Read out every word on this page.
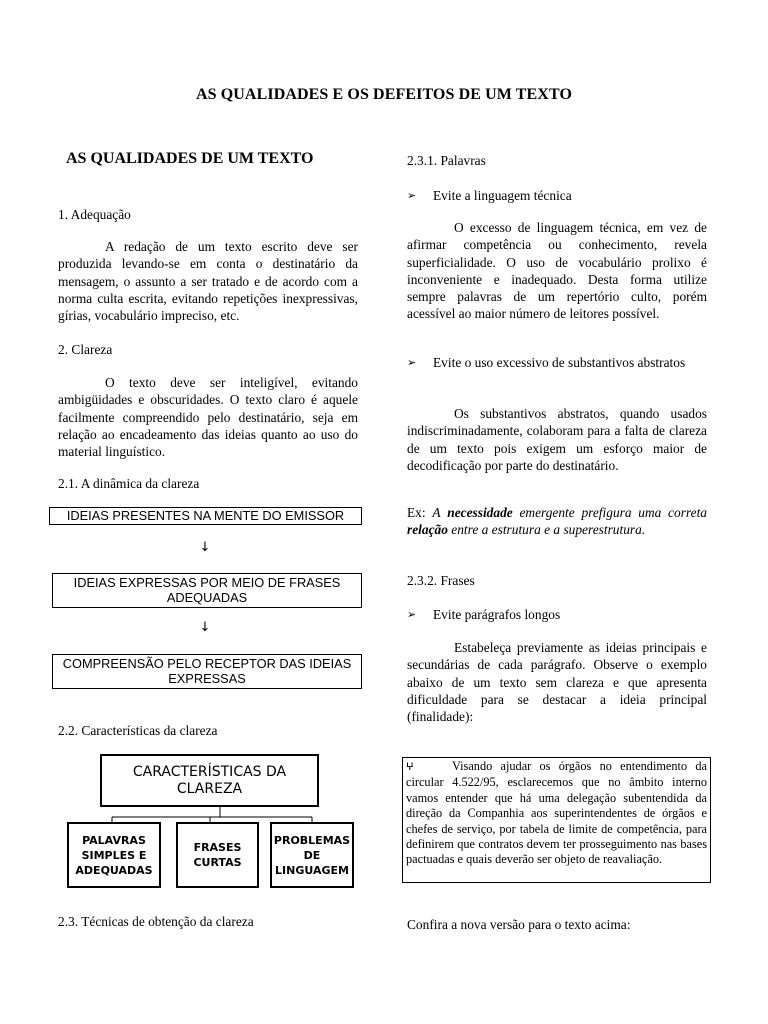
AS QUALIDADES E OS DEFEITOS DE UM TEXTO
AS QUALIDADES DE UM TEXTO
1. Adequação
A redação de um texto escrito deve ser produzida levando-se em conta o destinatário da mensagem, o assunto a ser tratado e de acordo com a norma culta escrita, evitando repetições inexpressivas, gírias, vocabulário impreciso, etc.
2. Clareza
O texto deve ser inteligível, evitando ambigüidades e obscuridades. O texto claro é aquele facilmente compreendido pelo destinatário, seja em relação ao encadeamento das ideias quanto ao uso do material linguístico.
2.1. A dinâmica da clareza
IDEIAS PRESENTES NA MENTE DO EMISSOR
↓
IDEIAS EXPRESSAS POR MEIO DE FRASES ADEQUADAS
↓
COMPREENSÃO PELO RECEPTOR DAS IDEIAS EXPRESSAS
2.2. Características da clareza
CARACTERÍSTICAS DA CLAREZA
PALAVRAS SIMPLES E ADEQUADAS
FRASES CURTAS
PROBLEMAS DE LINGUAGEM
2.3. Técnicas de obtenção da clareza
2.3.1. Palavras
➢	Evite a linguagem técnica
O excesso de linguagem técnica, em vez de afirmar competência ou conhecimento, revela superficialidade. O uso de vocabulário prolixo é inconveniente e inadequado. Desta forma utilize sempre palavras de um repertório culto, porém acessível ao maior número de leitores possível.
➢	Evite o uso excessivo de substantivos abstratos
Os substantivos abstratos, quando usados indiscriminadamente, colaboram para a falta de clareza de um texto pois exigem um esforço maior de decodificação por parte do destinatário.
Ex: A necessidade emergente prefigura uma correta relação entre a estrutura e a superestrutura.
2.3.2. Frases
➢	Evite parágrafos longos
Estabeleça previamente as ideias principais e secundárias de cada parágrafo. Observe o exemplo abaixo de um texto sem clareza e que apresenta dificuldade para se destacar a ideia principal (finalidade):
ⵖ	Visando ajudar os órgãos no entendimento da circular 4.522/95, esclarecemos que no âmbito interno vamos entender que há uma delegação subentendida da direção da Companhia aos superintendentes de órgãos e chefes de serviço, por tabela de limite de competência, para definirem que contratos devem ter prosseguimento nas bases pactuadas e quais deverão ser objeto de reavaliação.
Confira a nova versão para o texto acima:
